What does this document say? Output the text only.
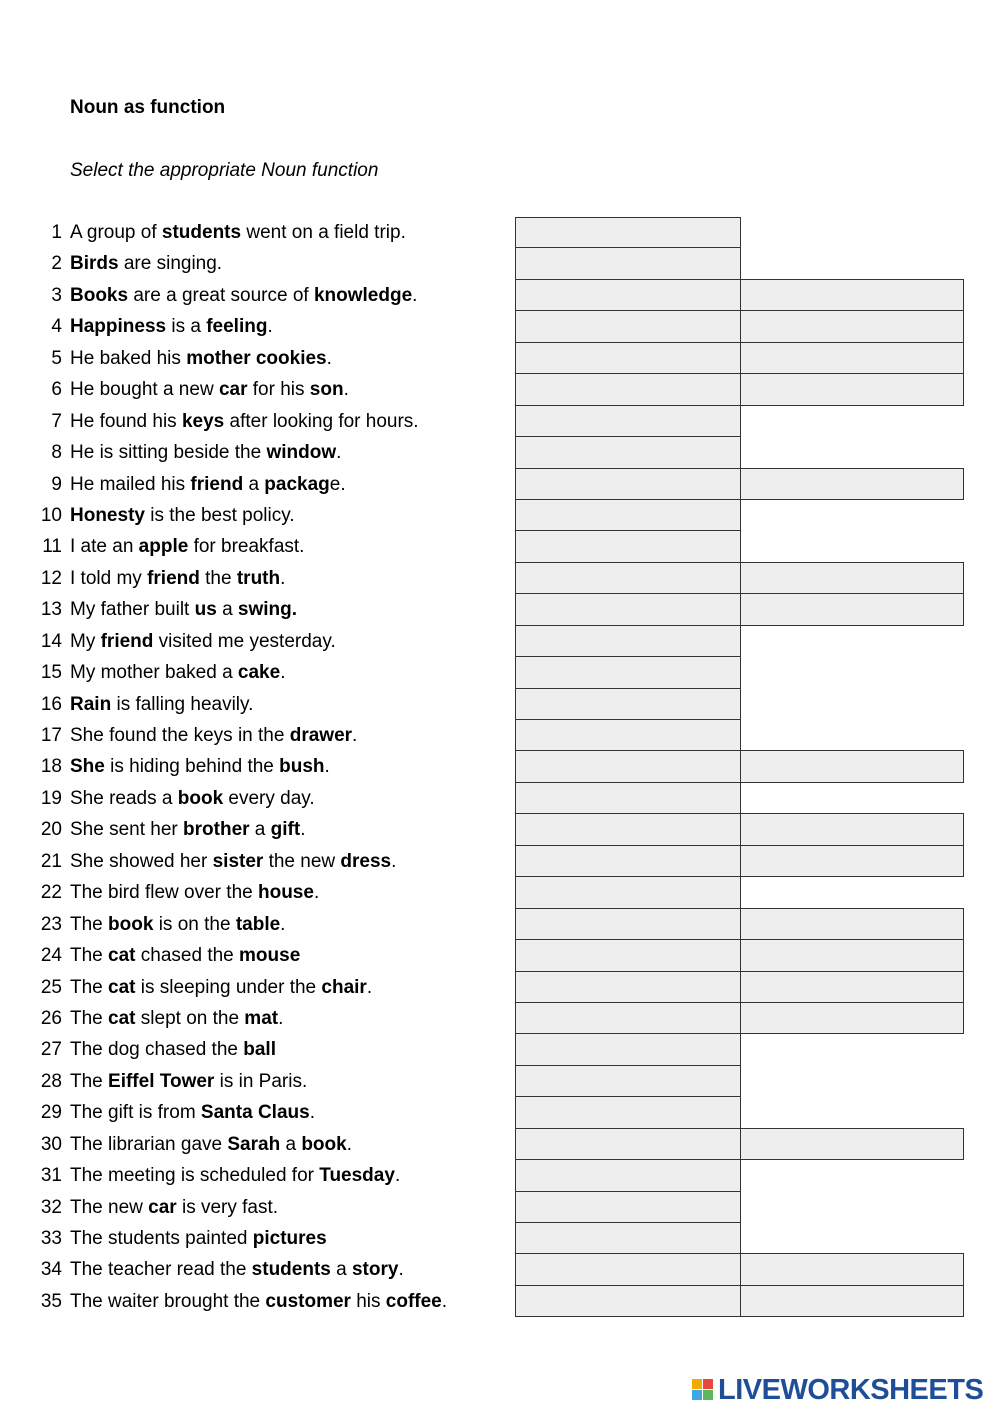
Noun as function
Select the appropriate Noun function
1 A group of students went on a field trip.
2 Birds are singing.
3 Books are a great source of knowledge.
4 Happiness is a feeling.
5 He baked his mother cookies.
6 He bought a new car for his son.
7 He found his keys after looking for hours.
8 He is sitting beside the window.
9 He mailed his friend a package.
10 Honesty is the best policy.
11 I ate an apple for breakfast.
12 I told my friend the truth.
13 My father built us a swing.
14 My friend visited me yesterday.
15 My mother baked a cake.
16 Rain is falling heavily.
17 She found the keys in the drawer.
18 She is hiding behind the bush.
19 She reads a book every day.
20 She sent her brother a gift.
21 She showed her sister the new dress.
22 The bird flew over the house.
23 The book is on the table.
24 The cat chased the mouse
25 The cat is sleeping under the chair.
26 The cat slept on the mat.
27 The dog chased the ball
28 The Eiffel Tower is in Paris.
29 The gift is from Santa Claus.
30 The librarian gave Sarah a book.
31 The meeting is scheduled for Tuesday.
32 The new car is very fast.
33 The students painted pictures
34 The teacher read the students a story.
35 The waiter brought the customer his coffee.
LIVEWORKSHEETS
